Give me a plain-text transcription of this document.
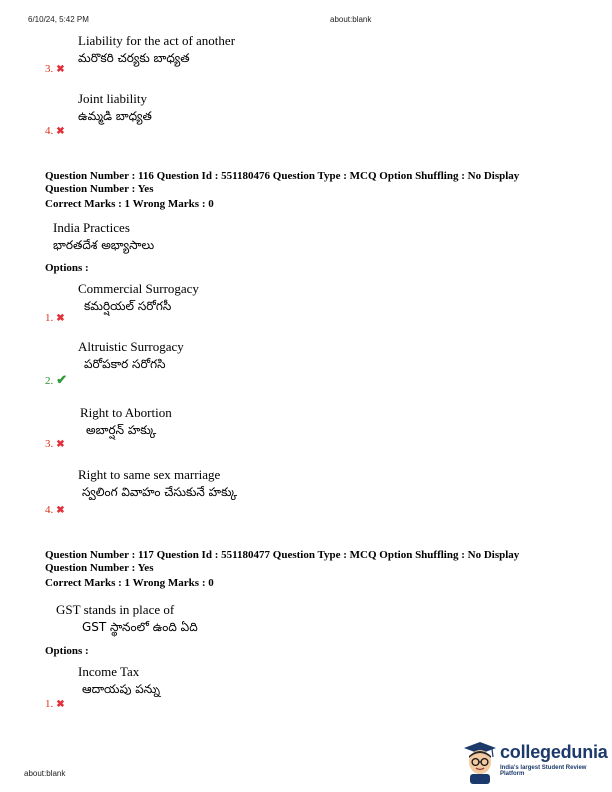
6/10/24, 5:42 PM	about:blank
Liability for the act of another
మరొకరి చర్యకు బాధ్యత
3. ✖
Joint liability
ఉమ్మడి బాధ్యత
4. ✖
Question Number : 116 Question Id : 551180476 Question Type : MCQ Option Shuffling : No Display
Question Number : Yes
Correct Marks : 1 Wrong Marks : 0
India Practices
భారతదేశ అభ్యాసాలు
Options :
Commercial Surrogacy
కమర్షియల్ సరోగసీ
1. ✖
Altruistic Surrogacy
పరోపకార సరోగసి
2. ✔
Right to Abortion
అబార్షన్ హక్కు
3. ✖
Right to same sex marriage
స్వలింగ వివాహం చేసుకునే హక్కు
4. ✖
Question Number : 117 Question Id : 551180477 Question Type : MCQ Option Shuffling : No Display
Question Number : Yes
Correct Marks : 1 Wrong Marks : 0
GST stands in place of
GST స్థానంలో ఉంది ఏది
Options :
Income Tax
ఆదాయపు పన్ను
1. ✖
about:blank
collegedunia
India's largest Student Review Platform
